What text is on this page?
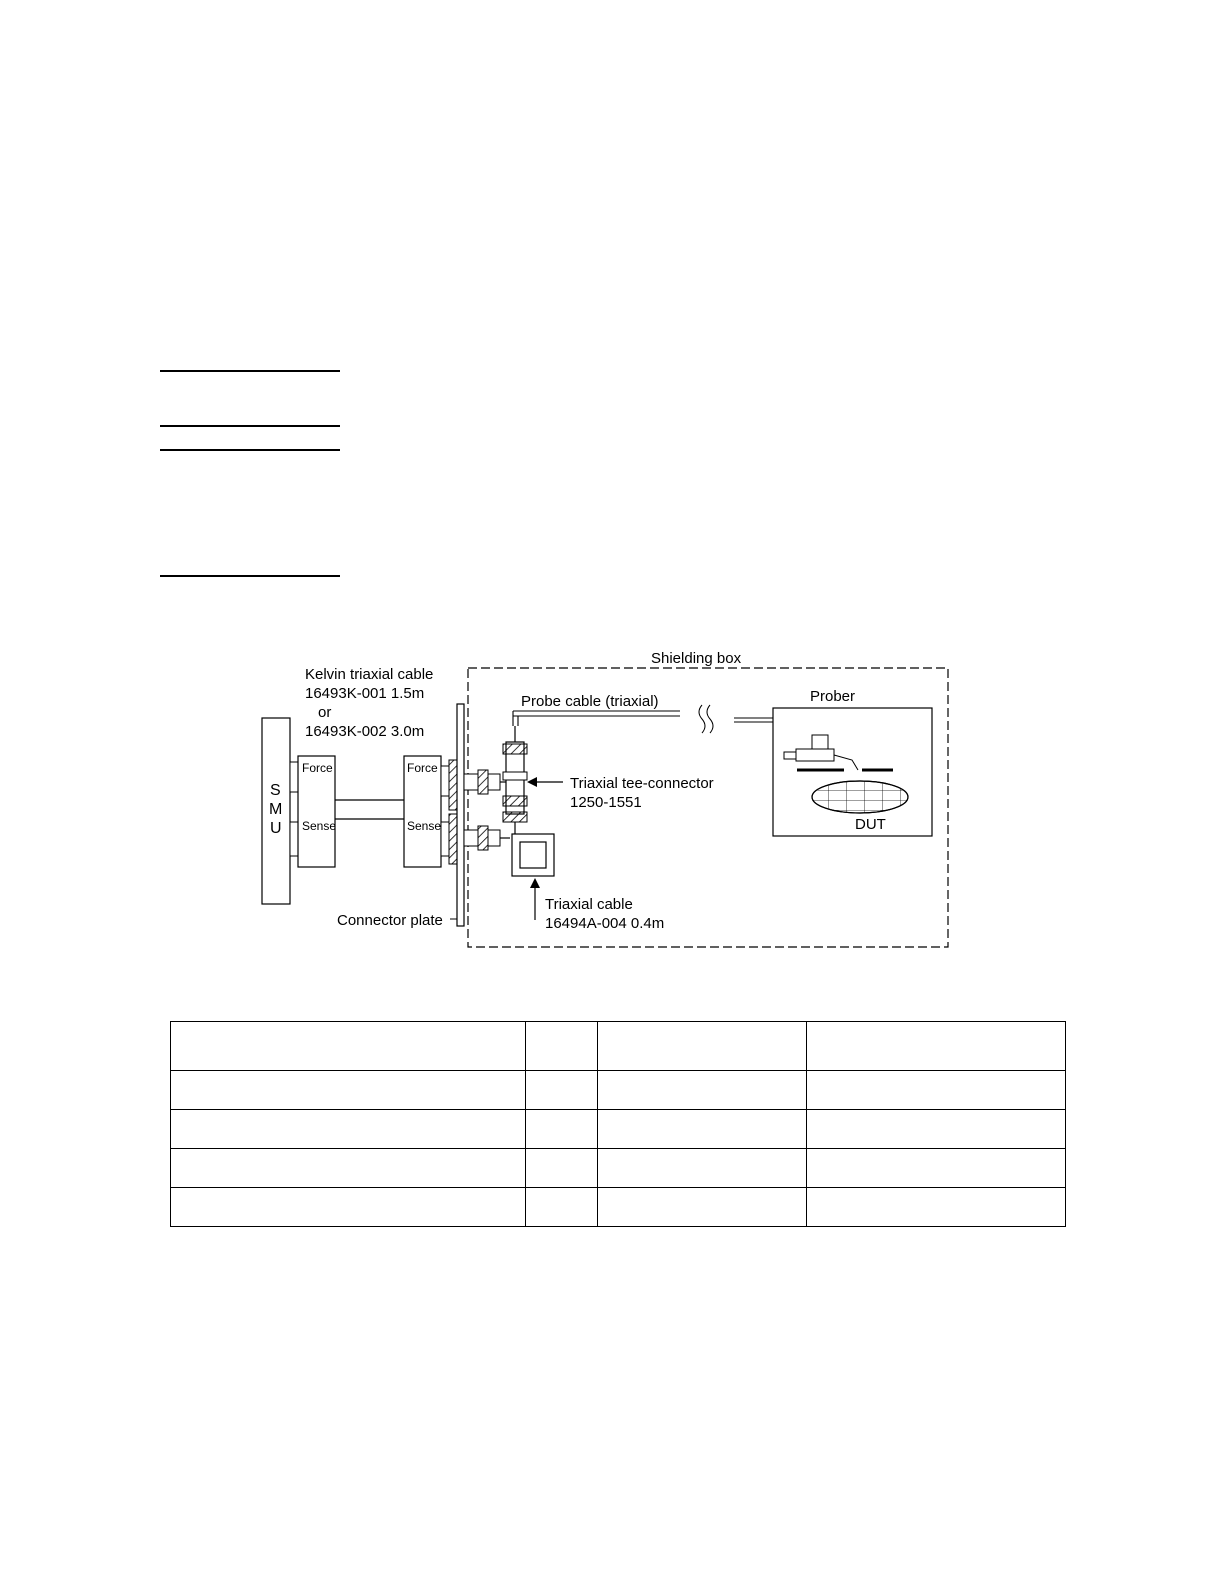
Shielding box
Kelvin triaxial cable
16493K-001 1.5m
or
16493K-002 3.0m
S
M
U
Force
Sense
Force
Sense
Connector plate
Triaxial tee-connector
1250-1551
Triaxial cable
16494A-004 0.4m
Probe cable (triaxial)	Prober
DUT
